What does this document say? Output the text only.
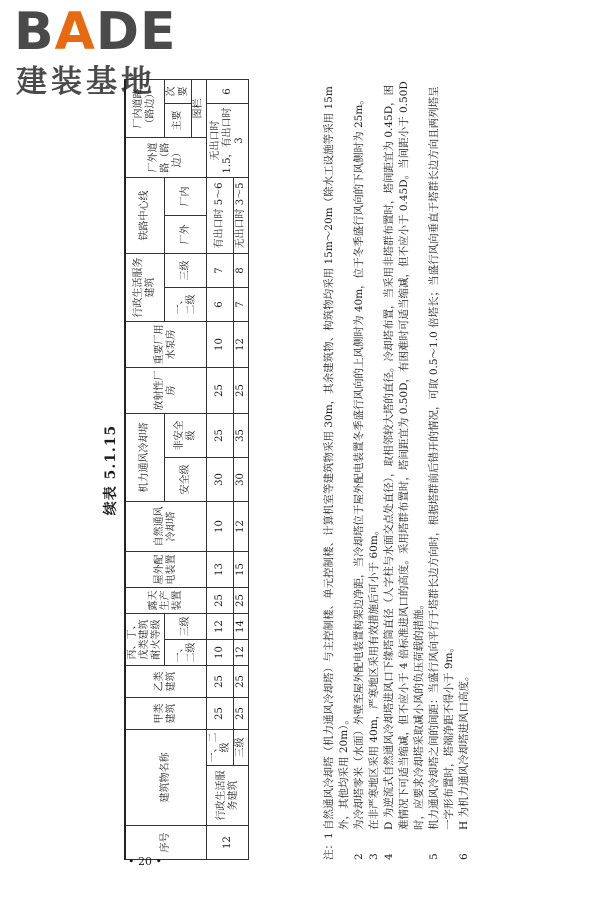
BADE
建装基地
续表 5.1.15
序号	建筑物名称		甲类建筑	乙类建筑	丙、丁、戊类建筑耐火等级		露天生产装置	屋外配电装置	自然通风冷却塔	机力通风冷却塔		放射性厂房	重要厂用水泵房	行政生活服务建筑		铁路中心线		厂外道路（路边）	厂内道路（路边）	
					一、二级	三级				安全级	非安全级			一、二级	三级	厂外	厂内		主要	次要
																			图栏	
12	行政生活服务建筑	一、二级	25	25	10	12	25	13	10	30	25	25	10	6	7	有出口时 5～6		无出口时 1.5，有出口时 3		6
		三级	25	25	12	14	25	15	12	30	35	25	12	7	8	无出口时 3～5				
注：1
自然通风冷却塔（机力通风冷却塔）与主控制楼、单元控制楼、计算机室等建筑物采用 30m，其余建筑物、构筑物均采用 15m～20m（除水工设施等采用 15m 外，其他均采用 20m）。
2
为冷却塔零米（水面）外壁至屋外配电装置构架边净距，当冷却塔位于屋外配电装置冬季盛行风向的上风侧时为 40m，位于冬季盛行风向的下风侧时为 25m。
3
在非严寒地区采用 40m，严寒地区采用有效措施后可小于 60m。
4
D 为逆流式自然通风冷却塔进风口下缘塔筒直径（人字柱与水面交点处直径），取相邻较大塔的直径。冷却塔布置，当采用非塔群布置时，塔间距宜为 0.45D，困难情况下可适当缩减，但不应小于 4 倍标准进风口的高度。采用塔群布置时，塔间距宜为 0.50D，有困难时可适当缩减，但不应小于 0.45D。当间距小于 0.50D 时，应要求冷却塔采取减小风的负压荷载的措施。
5
机力通风冷却塔之间的间距：当盛行风向平行于塔群长边方向时，根据塔群前后错开的情况，可取 0.5～1.0 倍塔长；当盛行风向垂直于塔群长边方向且两列塔呈一字形布置时，塔端净距不得小于 9m。
6
H 为机力通风冷却塔进风口高度。
• 20 •
